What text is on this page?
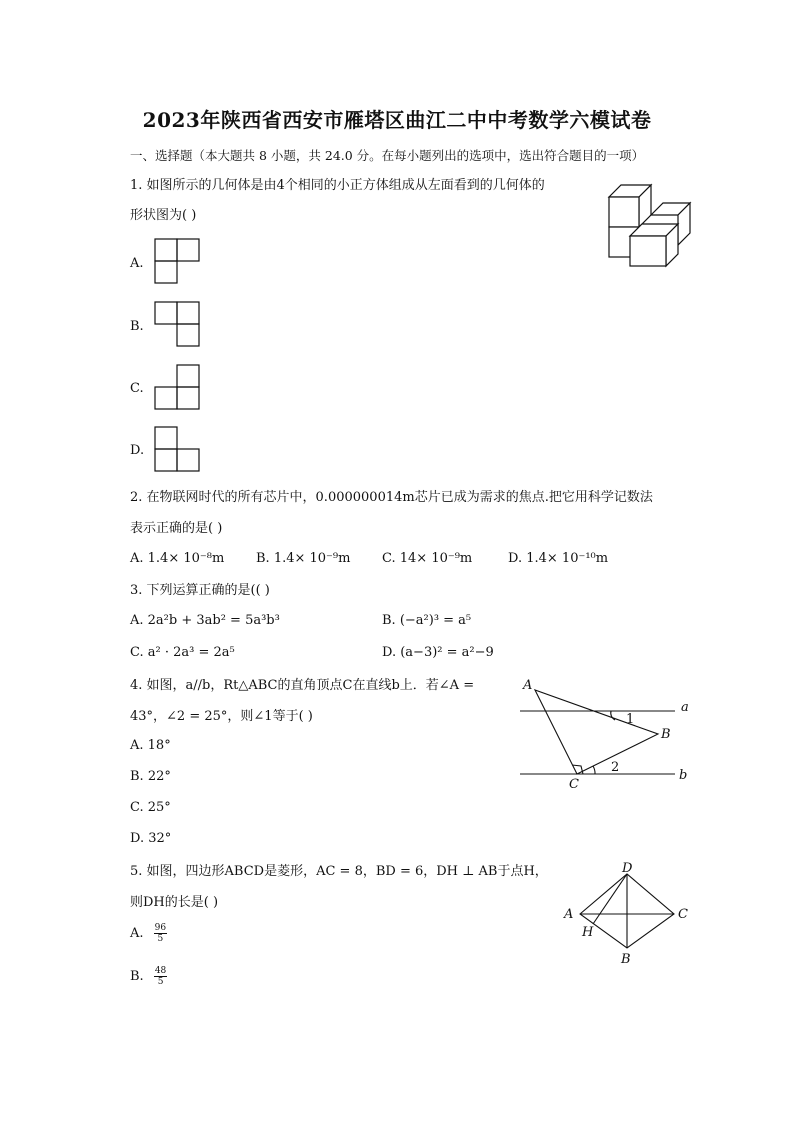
2023年陕西省西安市雁塔区曲江二中中考数学六模试卷
一、选择题（本大题共 8 小题，共 24.0 分。在每小题列出的选项中，选出符合题目的一项）
1. 如图所示的几何体是由4个相同的小正方体组成从左面看到的几何体的
形状图为( )
A.
B.
C.
D.
2. 在物联网时代的所有芯片中，0.000000014m芯片已成为需求的焦点.把它用科学记数法
表示正确的是( )
A. 1.4× 10⁻⁸m B. 1.4× 10⁻⁹m C. 14× 10⁻⁹m	D. 1.4× 10⁻¹⁰m
3. 下列运算正确的是(( )
A. 2a²b + 3ab² = 5a³b³	B. (−a²)³ = a⁵
C. a² · 2a³ = 2a⁵	D. (a−3)² = a²−9
4. 如图，a//b，Rt△ABC的直角顶点C在直线b上．若∠A =
43°，∠2 = 25°，则∠1等于( )
A. 18°
B. 22°
C. 25°
D. 32°
A
B
C
a
b
1
2
5. 如图，四边形ABCD是菱形，AC = 8，BD = 6，DH ⊥ AB于点H，
则DH的长是( )
A. $\frac{96}{5}$
B. $\frac{48}{5}$
D
A	C
B
H
